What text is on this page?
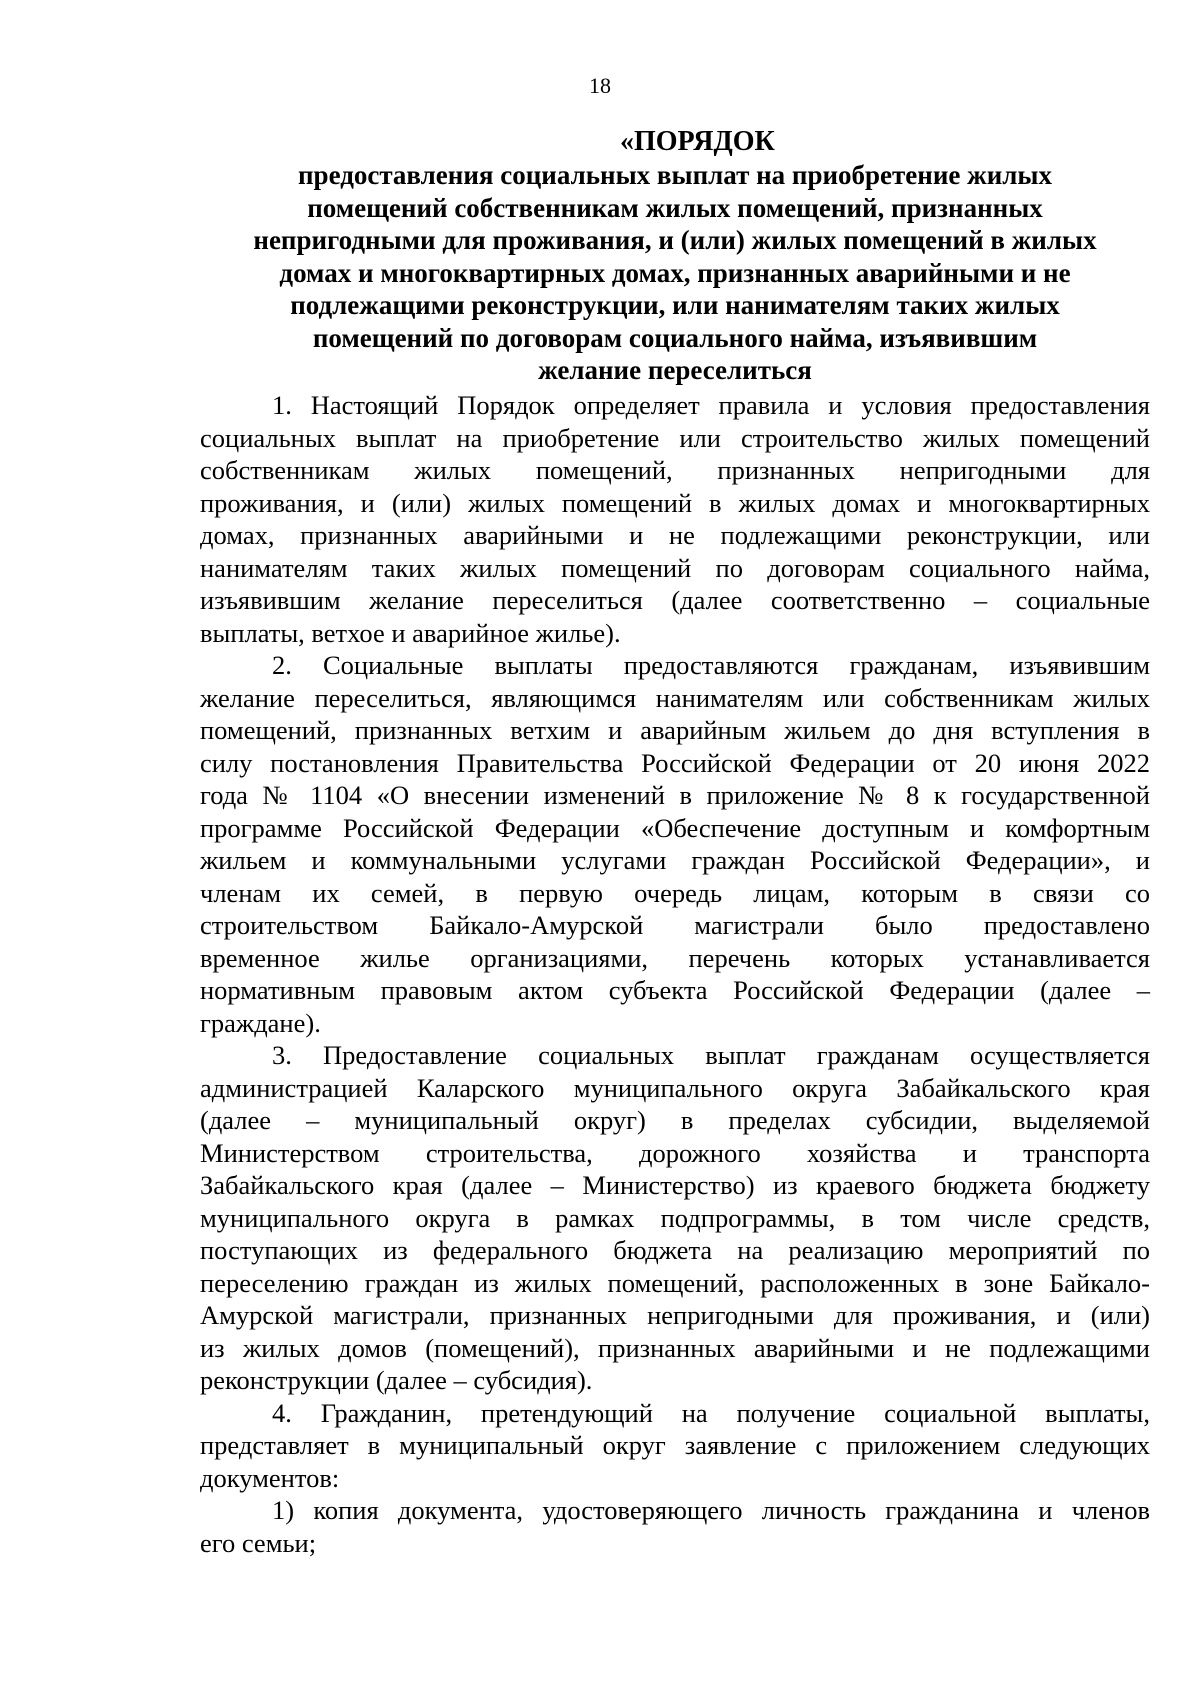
18
«ПОРЯДОК
предоставления социальных выплат на приобретение жилых
помещений собственникам жилых помещений, признанных
непригодными для проживания, и (или) жилых помещений в жилых
домах и многоквартирных домах, признанных аварийными и не
подлежащими реконструкции, или нанимателям таких жилых
помещений по договорам социального найма, изъявившим
желание переселиться
1. Настоящий Порядок определяет правила и условия предоставления
социальных выплат на приобретение или строительство жилых помещений
собственникам жилых помещений, признанных непригодными для
проживания, и (или) жилых помещений в жилых домах и многоквартирных
домах, признанных аварийными и не подлежащими реконструкции, или
нанимателям таких жилых помещений по договорам социального найма,
изъявившим желание переселиться (далее соответственно – социальные
выплаты, ветхое и аварийное жилье).
2. Социальные выплаты предоставляются гражданам, изъявившим
желание переселиться, являющимся нанимателям или собственникам жилых
помещений, признанных ветхим и аварийным жильем до дня вступления в
силу постановления Правительства Российской Федерации от 20 июня 2022
года № 1104 «О внесении изменений в приложение № 8 к государственной
программе Российской Федерации «Обеспечение доступным и комфортным
жильем и коммунальными услугами граждан Российской Федерации», и
членам их семей, в первую очередь лицам, которым в связи со
строительством Байкало-Амурской магистрали было предоставлено
временное жилье организациями, перечень которых устанавливается
нормативным правовым актом субъекта Российской Федерации (далее –
граждане).
3. Предоставление социальных выплат гражданам осуществляется
администрацией Каларского муниципального округа Забайкальского края
(далее – муниципальный округ) в пределах субсидии, выделяемой
Министерством строительства, дорожного хозяйства и транспорта
Забайкальского края (далее – Министерство) из краевого бюджета бюджету
муниципального округа в рамках подпрограммы, в том числе средств,
поступающих из федерального бюджета на реализацию мероприятий по
переселению граждан из жилых помещений, расположенных в зоне Байкало-
Амурской магистрали, признанных непригодными для проживания, и (или)
из жилых домов (помещений), признанных аварийными и не подлежащими
реконструкции (далее – субсидия).
4. Гражданин, претендующий на получение социальной выплаты,
представляет в муниципальный округ заявление с приложением следующих
документов:
1) копия документа, удостоверяющего личность гражданина и членов
его семьи;
